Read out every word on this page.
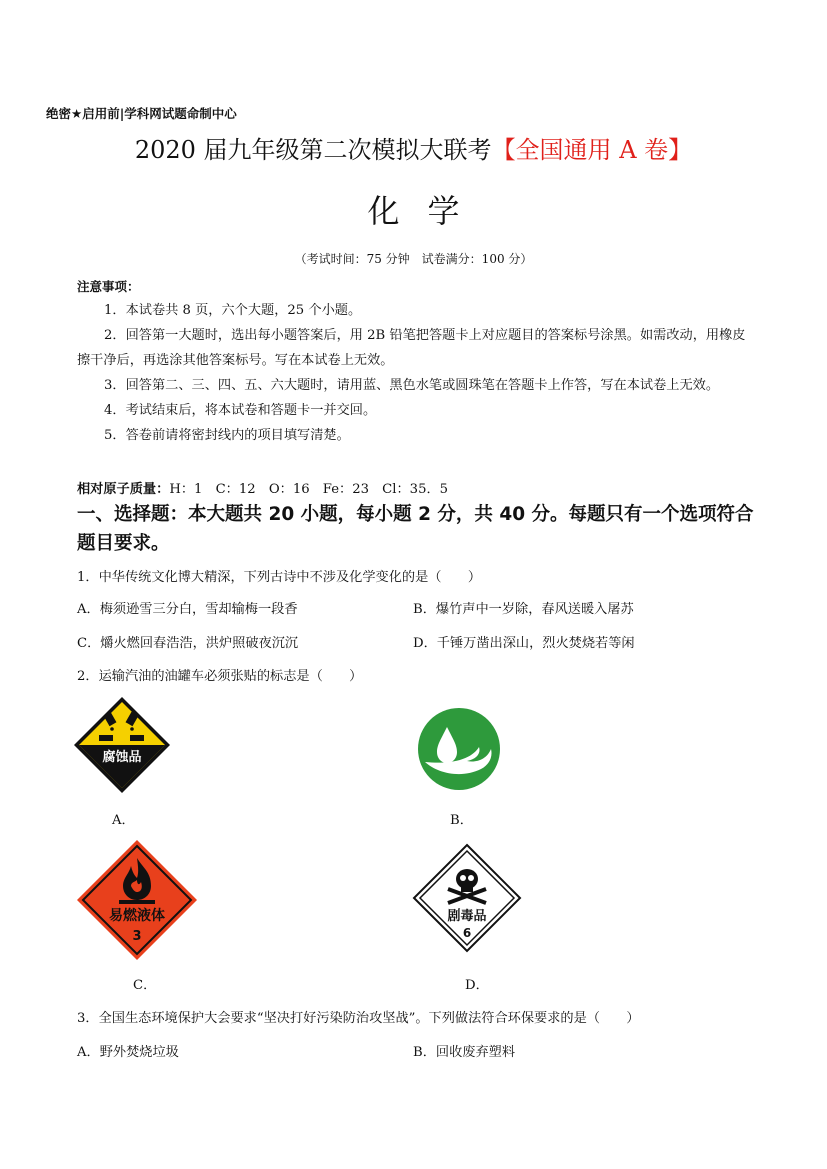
绝密★启用前|学科网试题命制中心
2020 届九年级第二次模拟大联考【全国通用 A 卷】
化学
（考试时间：75 分钟　试卷满分：100 分）
注意事项：

1．本试卷共 8 页，六个大题，25 个小题。

2．回答第一大题时，选出每小题答案后，用 2B 铅笔把答题卡上对应题目的答案标号涂黑。如需改动，用橡皮擦干净后，再选涂其他答案标号。写在本试卷上无效。

3．回答第二、三、四、五、六大题时，请用蓝、黑色水笔或圆珠笔在答题卡上作答，写在本试卷上无效。

4．考试结束后，将本试卷和答题卡一并交回。

5．答卷前请将密封线内的项目填写清楚。

相对原子质量：H：1　C：12　O：16　Fe：23　Cl：35．5
一、选择题：本大题共 20 小题，每小题 2 分，共 40 分。每题只有一个选项符合题目要求。
1．中华传统文化博大精深，下列古诗中不涉及化学变化的是（　　）
A．梅须逊雪三分白，雪却输梅一段香	B．爆竹声中一岁除，春风送暖入屠苏
C．爝火燃回春浩浩，洪炉照破夜沉沉	D．千锤万凿出深山，烈火焚烧若等闲
2．运输汽油的油罐车必须张贴的标志是（　　）
腐蚀品
A．	B．
易燃液体
3
C．
剧毒品
6
D．
3．全国生态环境保护大会要求“坚决打好污染防治攻坚战”。下列做法符合环保要求的是（　　）
A．野外焚烧垃圾	B．回收废弃塑料
